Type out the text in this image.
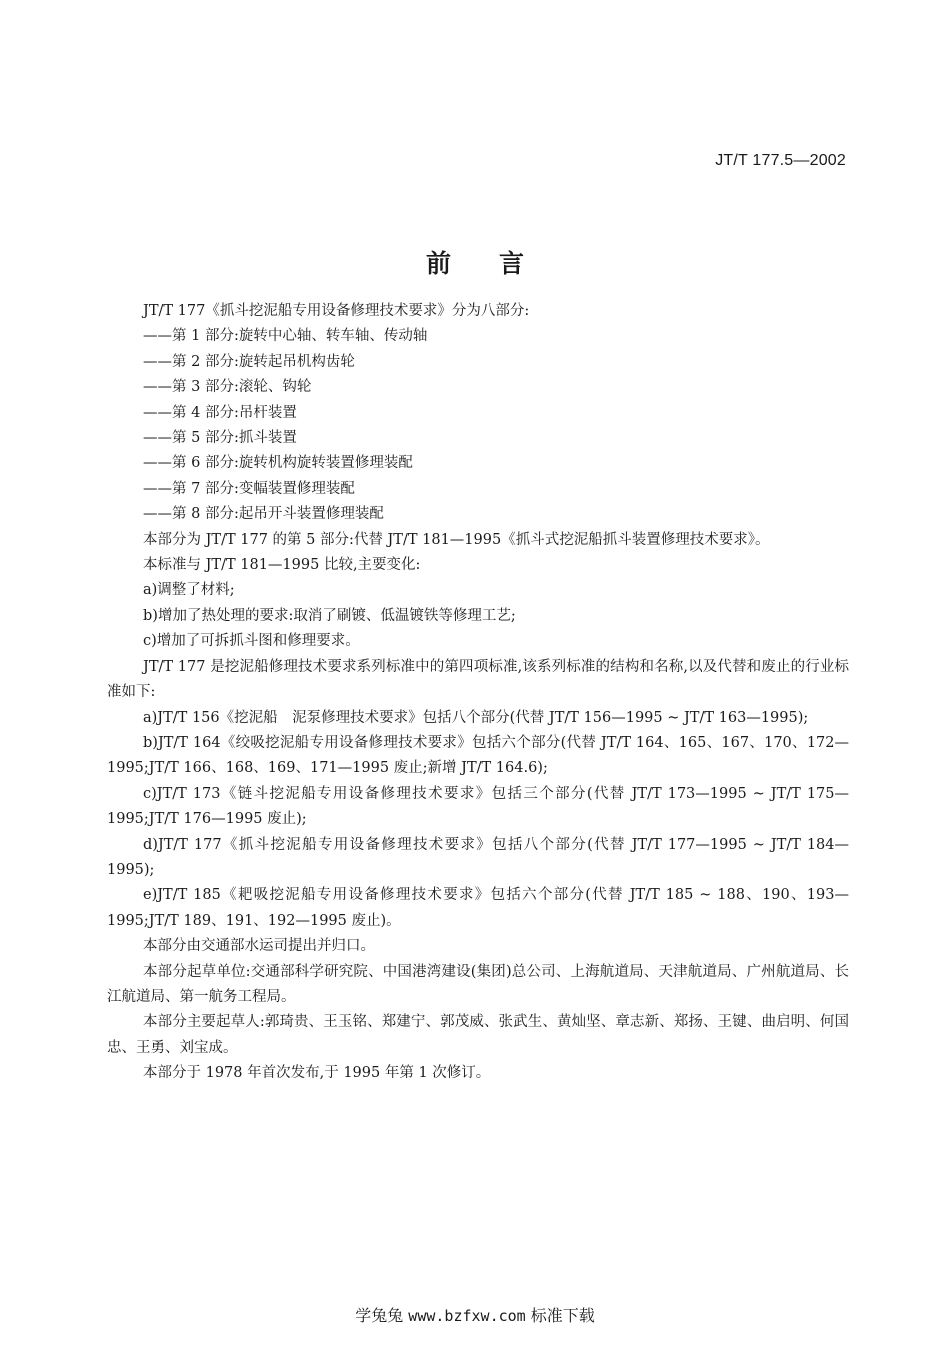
JT/T 177.5—2002
前言

JT/T 177《抓斗挖泥船专用设备修理技术要求》分为八部分:

——第 1 部分:旋转中心轴、转车轴、传动轴

——第 2 部分:旋转起吊机构齿轮

——第 3 部分:滚轮、钩轮

——第 4 部分:吊杆装置

——第 5 部分:抓斗装置

——第 6 部分:旋转机构旋转装置修理装配

——第 7 部分:变幅装置修理装配

——第 8 部分:起吊开斗装置修理装配

本部分为 JT/T 177 的第 5 部分:代替 JT/T 181—1995《抓斗式挖泥船抓斗装置修理技术要求》。

本标准与 JT/T 181—1995 比较,主要变化:

a)调整了材料;

b)增加了热处理的要求:取消了刷镀、低温镀铁等修理工艺;

c)增加了可拆抓斗图和修理要求。

JT/T 177 是挖泥船修理技术要求系列标准中的第四项标准,该系列标准的结构和名称,以及代替和废止的行业标准如下:

a)JT/T 156《挖泥船　泥泵修理技术要求》包括八个部分(代替 JT/T 156—1995 ~ JT/T 163—1995);

b)JT/T 164《绞吸挖泥船专用设备修理技术要求》包括六个部分(代替 JT/T 164、165、167、170、172—1995;JT/T 166、168、169、171—1995 废止;新增 JT/T 164.6);

c)JT/T 173《链斗挖泥船专用设备修理技术要求》包括三个部分(代替 JT/T 173—1995 ~ JT/T 175—1995;JT/T 176—1995 废止);

d)JT/T 177《抓斗挖泥船专用设备修理技术要求》包括八个部分(代替 JT/T 177—1995 ~ JT/T 184—1995);

e)JT/T 185《耙吸挖泥船专用设备修理技术要求》包括六个部分(代替 JT/T 185 ~ 188、190、193—1995;JT/T 189、191、192—1995 废止)。

本部分由交通部水运司提出并归口。

本部分起草单位:交通部科学研究院、中国港湾建设(集团)总公司、上海航道局、天津航道局、广州航道局、长江航道局、第一航务工程局。

本部分主要起草人:郭琦贵、王玉铭、郑建宁、郭茂威、张武生、黄灿坚、章志新、郑扬、王键、曲启明、何国忠、王勇、刘宝成。

本部分于 1978 年首次发布,于 1995 年第 1 次修订。

学兔兔 www.bzfxw.com 标准下载
